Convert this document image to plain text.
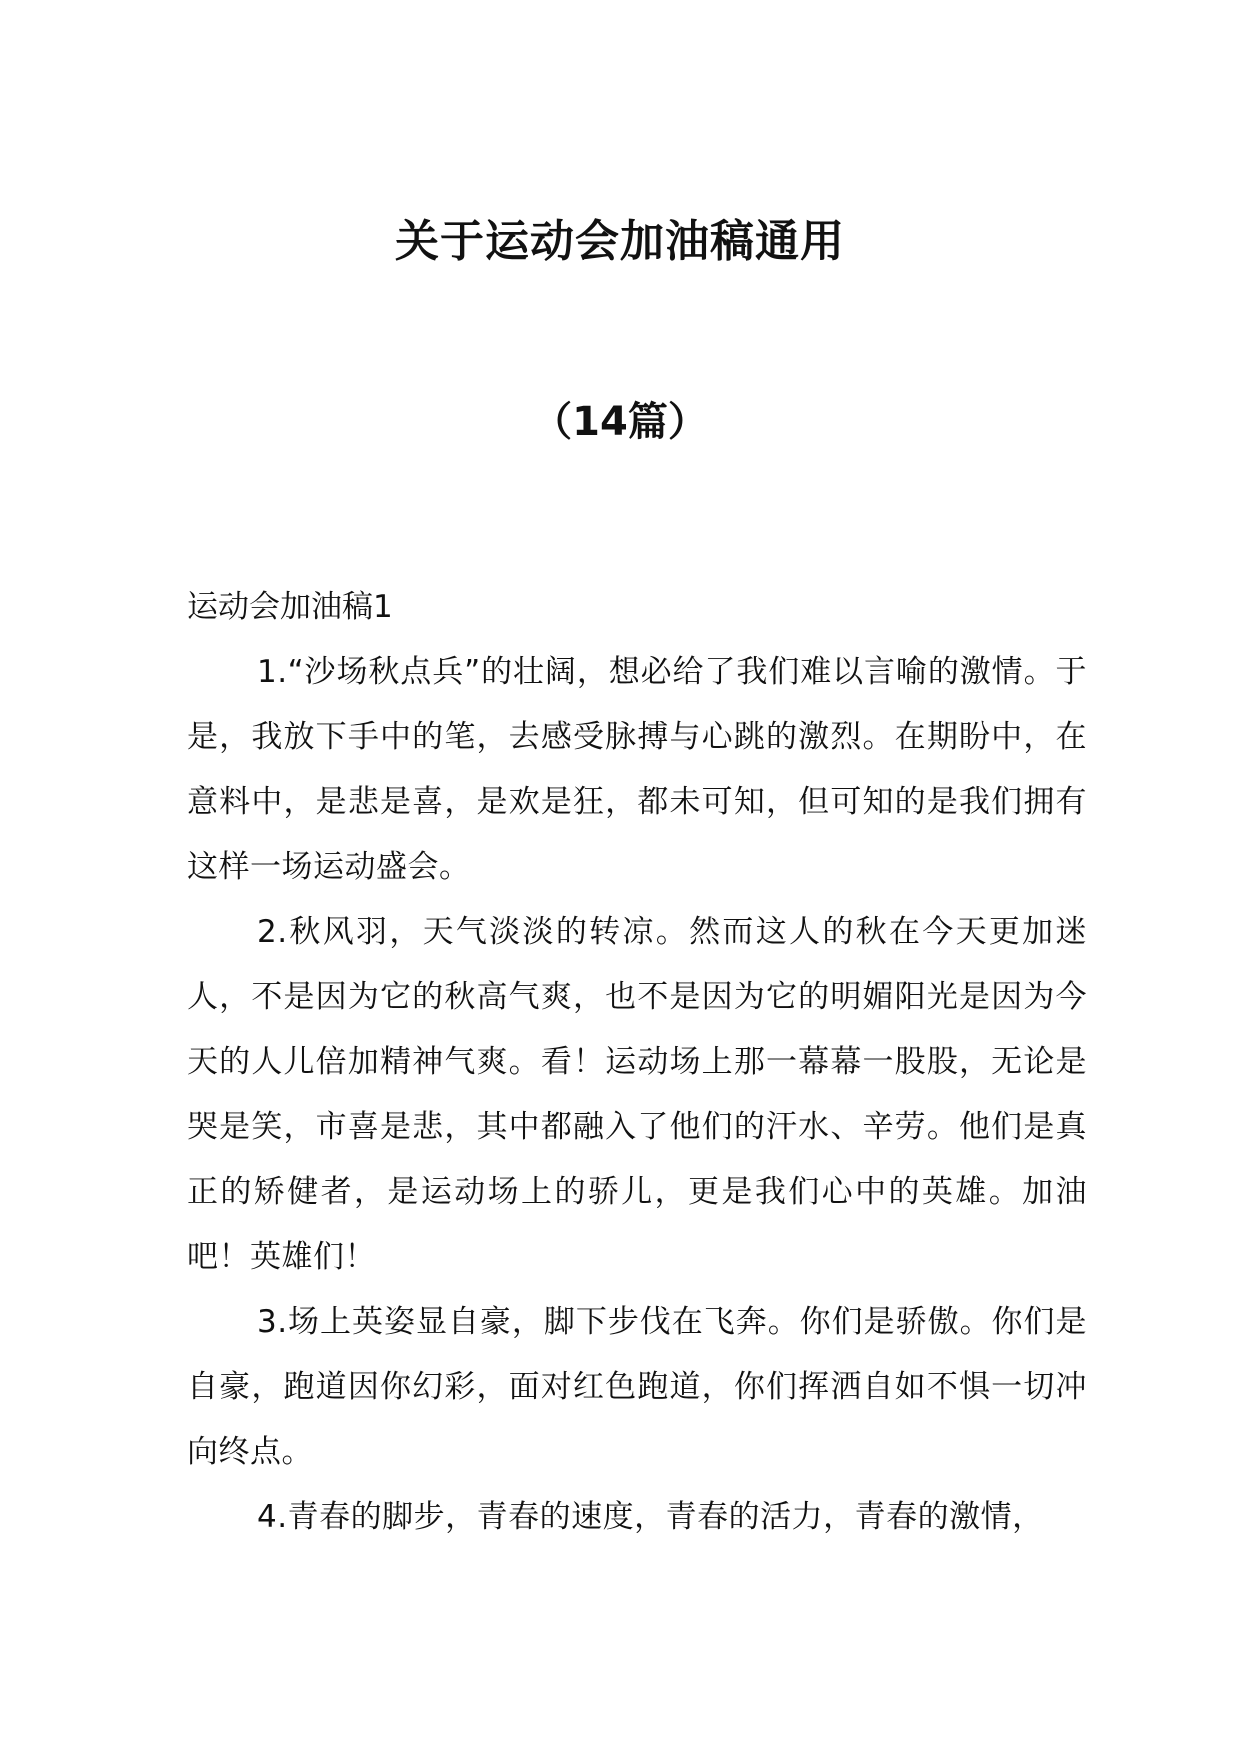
关于运动会加油稿通用
（14篇）

运动会加油稿1

1.“沙场秋点兵”的壮阔，想必给了我们难以言喻的激情。于是，我放下手中的笔，去感受脉搏与心跳的激烈。在期盼中，在意料中，是悲是喜，是欢是狂，都未可知，但可知的是我们拥有这样一场运动盛会。

2.秋风羽，天气淡淡的转凉。然而这人的秋在今天更加迷人，不是因为它的秋高气爽，也不是因为它的明媚阳光是因为今天的人儿倍加精神气爽。看！运动场上那一幕幕一股股，无论是哭是笑，市喜是悲，其中都融入了他们的汗水、辛劳。他们是真正的矫健者，是运动场上的骄儿，更是我们心中的英雄。加油吧！英雄们！

3.场上英姿显自豪，脚下步伐在飞奔。你们是骄傲。你们是自豪，跑道因你幻彩，面对红色跑道，你们挥洒自如不惧一切冲向终点。

4.青春的脚步，青春的速度，青春的活力，青春的激情，
